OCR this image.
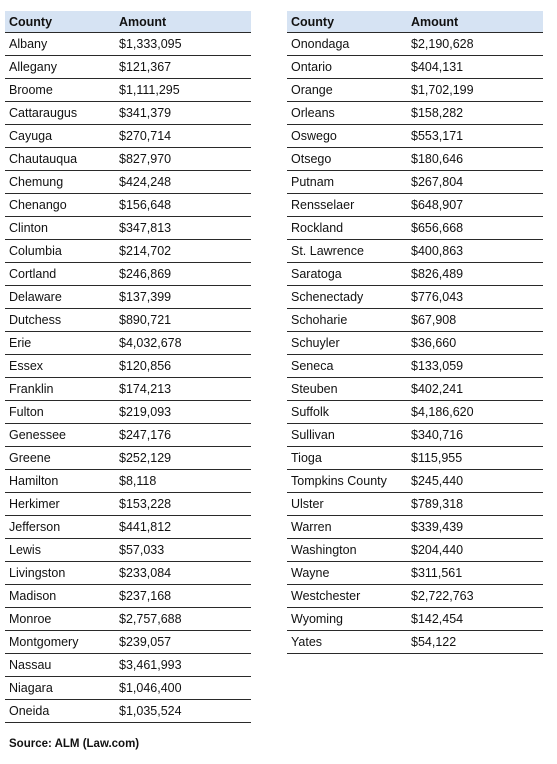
County	Amount
Albany	$1,333,095
Allegany	$121,367
Broome	$1,111,295
Cattaraugus	$341,379
Cayuga	$270,714
Chautauqua	$827,970
Chemung	$424,248
Chenango	$156,648
Clinton	$347,813
Columbia	$214,702
Cortland	$246,869
Delaware	$137,399
Dutchess	$890,721
Erie	$4,032,678
Essex	$120,856
Franklin	$174,213
Fulton	$219,093
Genessee	$247,176
Greene	$252,129
Hamilton	$8,118
Herkimer	$153,228
Jefferson	$441,812
Lewis	$57,033
Livingston	$233,084
Madison	$237,168
Monroe	$2,757,688
Montgomery	$239,057
Nassau	$3,461,993
Niagara	$1,046,400
Oneida	$1,035,524
County	Amount
Onondaga	$2,190,628
Ontario	$404,131
Orange	$1,702,199
Orleans	$158,282
Oswego	$553,171
Otsego	$180,646
Putnam	$267,804
Rensselaer	$648,907
Rockland	$656,668
St. Lawrence	$400,863
Saratoga	$826,489
Schenectady	$776,043
Schoharie	$67,908
Schuyler	$36,660
Seneca	$133,059
Steuben	$402,241
Suffolk	$4,186,620
Sullivan	$340,716
Tioga	$115,955
Tompkins County	$245,440
Ulster	$789,318
Warren	$339,439
Washington	$204,440
Wayne	$311,561
Westchester	$2,722,763
Wyoming	$142,454
Yates	$54,122
Source: ALM (Law.com)
